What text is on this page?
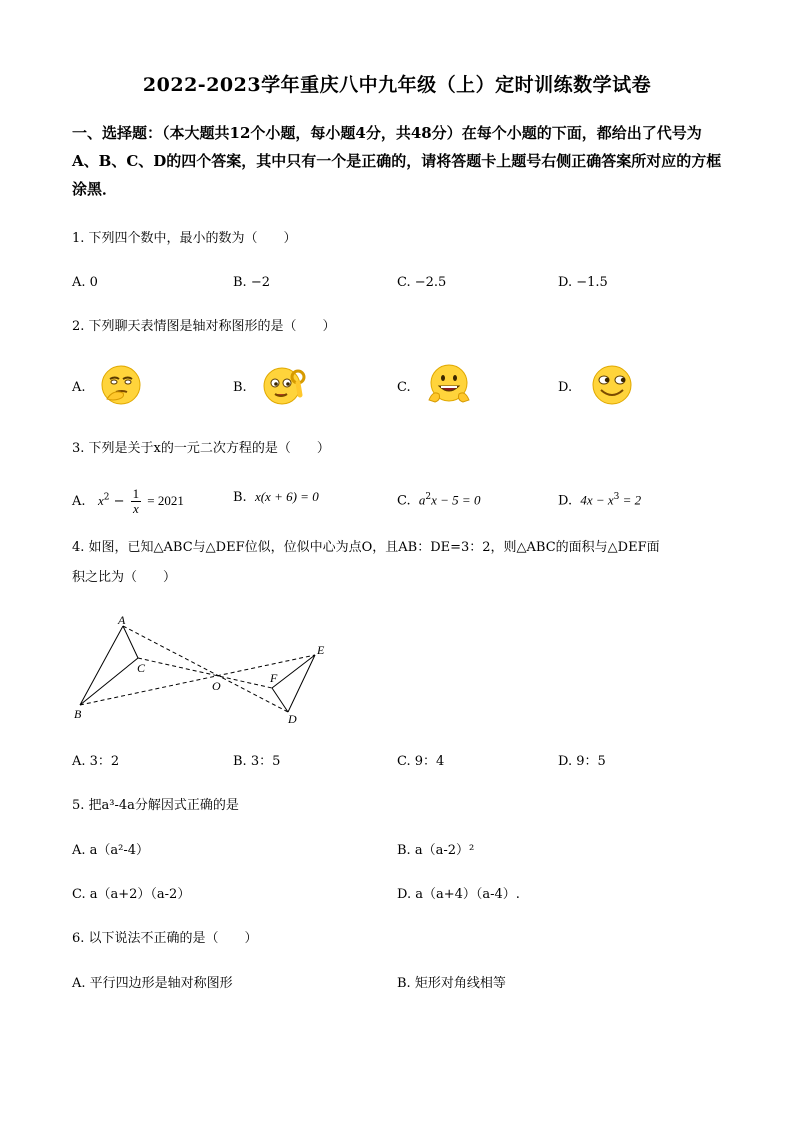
2022-2023学年重庆八中九年级（上）定时训练数学试卷
一、选择题：（本大题共12个小题，每小题4分，共48分）在每个小题的下面，都给出了代号为A、B、C、D的四个答案，其中只有一个是正确的，请将答题卡上题号右侧正确答案所对应的方框涂黑．
1. 下列四个数中，最小的数为（　　）
A. 0	B. −2	C. −2.5	D. −1.5
2. 下列聊天表情图是轴对称图形的是（　　）
A.	B.	C.	D.
3. 下列是关于x的一元二次方程的是（　　）
A. $x^2 - \frac{1}{x} = 2021$	B. x(x + 6) = 0	C. $a^2x - 5 = 0$	D. $4x - x^3 = 2$
4. 如图，已知△ABC与△DEF位似，位似中心为点O，且AB：DE=3：2，则△ABC的面积与△DEF面
积之比为（　　）
A
B
C
O
E
F
D
A. 3：2	B. 3：5	C. 9：4	D. 9：5
5. 把a³-4a分解因式正确的是
A. a（a²-4）	B. a（a-2）²
C. a（a+2）（a-2）	D. a（a+4）（a-4）.
6. 以下说法不正确的是（　　）
A. 平行四边形是轴对称图形	B. 矩形对角线相等
